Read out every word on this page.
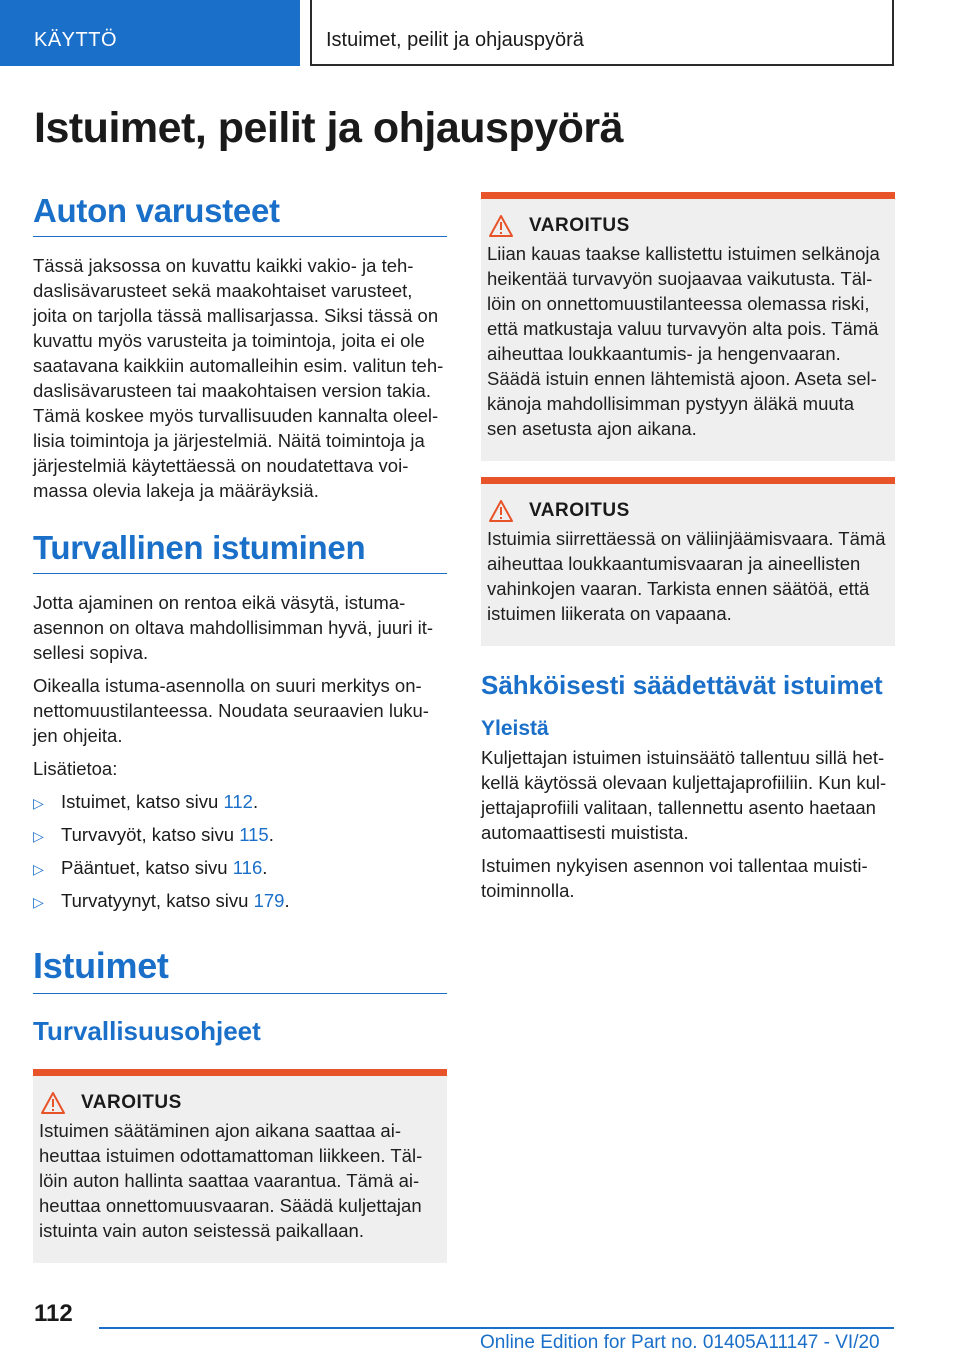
KÄYTTÖ	Istuimet, peilit ja ohjauspyörä
Istuimet, peilit ja ohjauspyörä
Auton varusteet

Tässä jaksossa on kuvattu kaikki vakio- ja tehdaslisävarusteet sekä maakohtaiset varusteet, joita on tarjolla tässä mallisarjassa. Siksi tässä on kuvattu myös varusteita ja toimintoja, joita ei ole saatavana kaikkiin automalleihin esim. valitun tehdaslisävarusteen tai maakohtaisen version takia. Tämä koskee myös turvallisuuden kannalta oleellisia toimintoja ja järjestelmiä. Näitä toimintoja ja järjestelmiä käytettäessä on noudatettava voimassa olevia lakeja ja määräyksiä.

Turvallinen istuminen

Jotta ajaminen on rentoa eikä väsytä, istuma-asennon on oltava mahdollisimman hyvä, juuri itsellesi sopiva.

Oikealla istuma-asennolla on suuri merkitys onnettomuustilanteessa. Noudata seuraavien lukujen ohjeita.

Lisätietoa:

▷ Istuimet, katso sivu 112.
▷ Turvavyöt, katso sivu 115.
▷ Pääntuet, katso sivu 116.
▷ Turvatyynyt, katso sivu 179.
Istuimet
Turvallisuusohjeet
VAROITUS

Istuimen säätäminen ajon aikana saattaa aiheuttaa istuimen odottamattoman liikkeen. Tällöin auton hallinta saattaa vaarantua. Tämä aiheuttaa onnettomuusvaaran. Säädä kuljettajan istuinta vain auton seistessä paikallaan.

VAROITUS

Liian kauas taakse kallistettu istuimen selkänoja heikentää turvavyön suojaavaa vaikutusta. Tällöin on onnettomuustilanteessa olemassa riski, että matkustaja valuu turvavyön alta pois. Tämä aiheuttaa loukkaantumis- ja hengenvaaran. Säädä istuin ennen lähtemistä ajoon. Aseta selkänoja mahdollisimman pystyyn äläkä muuta sen asetusta ajon aikana.

VAROITUS

Istuimia siirrettäessä on väliinjäämisvaara. Tämä aiheuttaa loukkaantumisvaaran ja aineellisten vahinkojen vaaran. Tarkista ennen säätöä, että istuimen liikerata on vapaana.

Sähköisesti säädettävät istuimet
Yleistä

Kuljettajan istuimen istuinsäätö tallentuu sillä hetkellä käytössä olevaan kuljettajaprofiiliin. Kun kuljettajaprofiili valitaan, tallennettu asento haetaan automaattisesti muistista.

Istuimen nykyisen asennon voi tallentaa muistitoiminnolla.

112
Online Edition for Part no. 01405A11147 - VI/20
